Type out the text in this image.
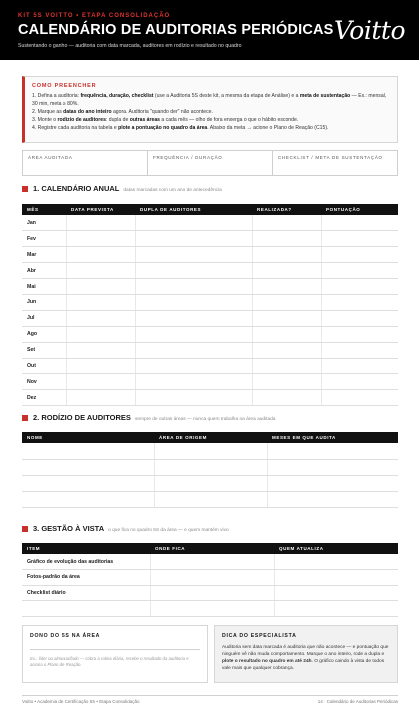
KIT 5S VOITTO • ETAPA CONSOLIDAÇÃO
CALENDÁRIO DE AUDITORIAS PERIÓDICAS
Sustentando o ganho — auditoria com data marcada, auditores em rodízio e resultado no quadro
Voitto
COMO PREENCHER
1. Defina a auditoria: frequência, duração, checklist (use a Auditoria 5S deste kit, a mesma da etapa de Análise) e a meta de sustentação — Ex.: mensal, 30 min, meta ≥ 80%.
2. Marque as datas do ano inteiro agora. Auditoria "quando der" não acontece.
3. Monte o rodízio de auditores: dupla de outras áreas a cada mês — olho de fora enxerga o que o hábito esconde.
4. Registre cada auditoria na tabela e plote a pontuação no quadro da área. Abaixo da meta → acione o Plano de Reação (C15).
ÁREA AUDITADA	FREQUÊNCIA / DURAÇÃO	CHECKLIST / META DE SUSTENTAÇÃO
1. CALENDÁRIO ANUAL datas marcadas com um ano de antecedência
MÊS	DATA PREVISTA	DUPLA DE AUDITORES	REALIZADA?	PONTUAÇÃO
Jan				
Fev				
Mar				
Abr				
Mai				
Jun				
Jul				
Ago				
Set				
Out				
Nov				
Dez				
2. RODÍZIO DE AUDITORES sempre de outras áreas — nunca quem trabalha na área auditada
NOME	ÁREA DE ORIGEM	MESES EM QUE AUDITA

3. GESTÃO À VISTA o que fica no quadro 5S da área — e quem mantém vivo
ITEM	ONDE FICA	QUEM ATUALIZA
Gráfico de evolução das auditorias		
Fotos-padrão da área		
Checklist diário		

DONO DO 5S NA ÁREA
Ex.: líder ou almoxarifado — cobra a rotina diária, recebe o resultado da auditoria e aciona o Plano de Reação.
DICA DO ESPECIALISTA
Auditoria sem data marcada é auditoria que não acontece — e pontuação que ninguém vê não muda comportamento. Marque o ano inteiro, rode a dupla e plote o resultado no quadro em até 24h. O gráfico caindo à vista de todos vale mais que qualquer cobrança.
Voitto • Academia de Certificação 5S • Etapa Consolidação	14 · Calendário de Auditorias Periódicas
